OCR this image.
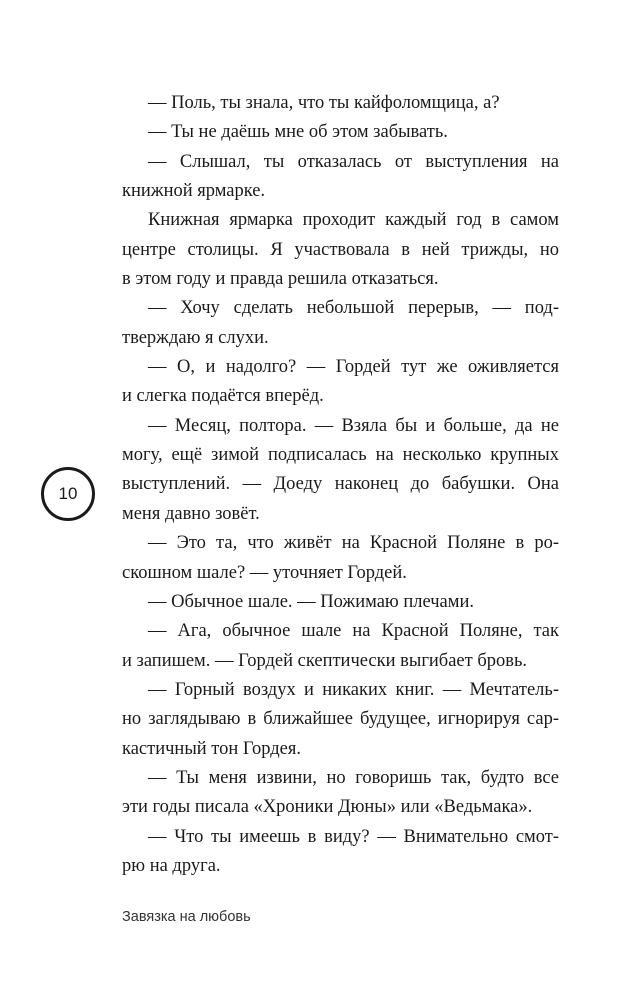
— Поль, ты знала, что ты кайфоломщица, а?
— Ты не даёшь мне об этом забывать.
— Слышал, ты отказалась от выступления на
книжной ярмарке.
Книжная ярмарка проходит каждый год в самом
центре столицы. Я участвовала в ней трижды, но
в этом году и правда решила отказаться.
— Хочу сделать небольшой перерыв, — под-
тверждаю я слухи.
— О, и надолго? — Гордей тут же оживляется
и слегка подаётся вперёд.
— Месяц, полтора. — Взяла бы и больше, да не
могу, ещё зимой подписалась на несколько крупных
выступлений. — Доеду наконец до бабушки. Она
меня давно зовёт.
— Это та, что живёт на Красной Поляне в ро-
скошном шале? — уточняет Гордей.
— Обычное шале. — Пожимаю плечами.
— Ага, обычное шале на Красной Поляне, так
и запишем. — Гордей скептически выгибает бровь.
— Горный воздух и никаких книг. — Мечтатель-
но заглядываю в ближайшее будущее, игнорируя сар-
кастичный тон Гордея.
— Ты меня извини, но говоришь так, будто все
эти годы писала «Хроники Дюны» или «Ведьмака».
— Что ты имеешь в виду? — Внимательно смот-
рю на друга.
10
Завязка на любовь
